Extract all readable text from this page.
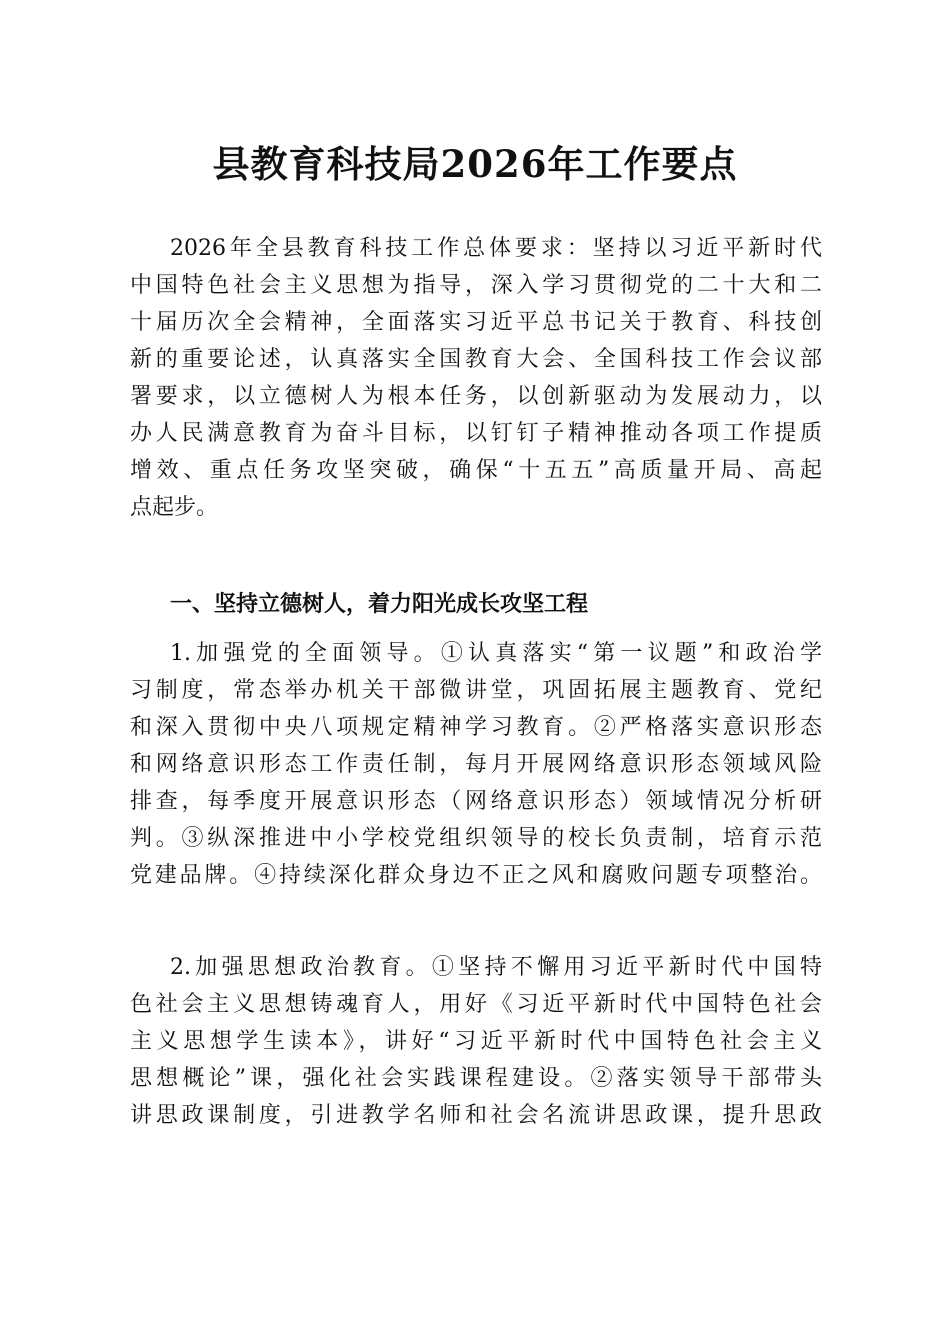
县教育科技局2026年工作要点
2026年全县教育科技工作总体要求：坚持以习近平新时代
中国特色社会主义思想为指导，深入学习贯彻党的二十大和二
十届历次全会精神，全面落实习近平总书记关于教育、科技创
新的重要论述，认真落实全国教育大会、全国科技工作会议部
署要求，以立德树人为根本任务，以创新驱动为发展动力，以
办人民满意教育为奋斗目标，以钉钉子精神推动各项工作提质
增效、重点任务攻坚突破，确保“十五五”高质量开局、高起
点起步。
一、坚持立德树人，着力阳光成长攻坚工程
1.加强党的全面领导。①认真落实“第一议题”和政治学
习制度，常态举办机关干部微讲堂，巩固拓展主题教育、党纪
和深入贯彻中央八项规定精神学习教育。②严格落实意识形态
和网络意识形态工作责任制，每月开展网络意识形态领域风险
排查，每季度开展意识形态（网络意识形态）领域情况分析研
判。③纵深推进中小学校党组织领导的校长负责制，培育示范
党建品牌。④持续深化群众身边不正之风和腐败问题专项整治。
2.加强思想政治教育。①坚持不懈用习近平新时代中国特
色社会主义思想铸魂育人，用好《习近平新时代中国特色社会
主义思想学生读本》，讲好“习近平新时代中国特色社会主义
思想概论”课，强化社会实践课程建设。②落实领导干部带头
讲思政课制度，引进教学名师和社会名流讲思政课，提升思政
